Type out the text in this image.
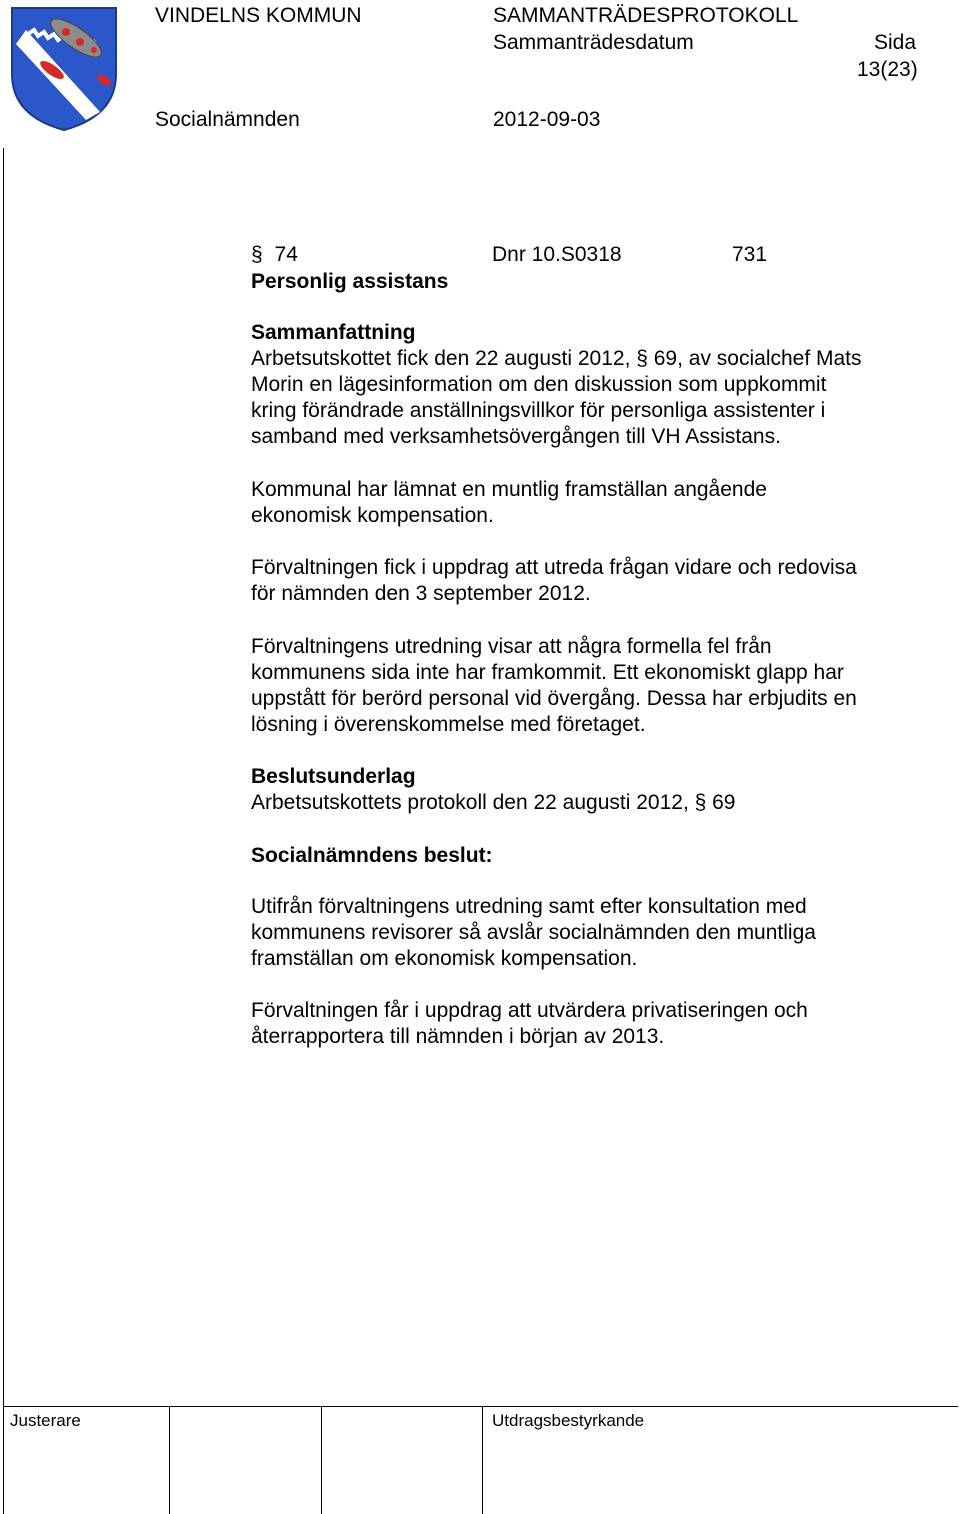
VINDELNS KOMMUN	SAMMANTRÄDESPROTOKOLL
Sammanträdesdatum	Sida
13(23)
Socialnämnden	2012-09-03
§ 74	Dnr 10.S0318	731
Personlig assistans
Sammanfattning
Arbetsutskottet fick den 22 augusti 2012, § 69, av socialchef Mats
Morin en lägesinformation om den diskussion som uppkommit
kring förändrade anställningsvillkor för personliga assistenter i
samband med verksamhetsövergången till VH Assistans.
Kommunal har lämnat en muntlig framställan angående
ekonomisk kompensation.
Förvaltningen fick i uppdrag att utreda frågan vidare och redovisa
för nämnden den 3 september 2012.
Förvaltningens utredning visar att några formella fel från
kommunens sida inte har framkommit. Ett ekonomiskt glapp har
uppstått för berörd personal vid övergång. Dessa har erbjudits en
lösning i överenskommelse med företaget.
Beslutsunderlag
Arbetsutskottets protokoll den 22 augusti 2012, § 69
Socialnämndens beslut:
Utifrån förvaltningens utredning samt efter konsultation med
kommunens revisorer så avslår socialnämnden den muntliga
framställan om ekonomisk kompensation.
Förvaltningen får i uppdrag att utvärdera privatiseringen och
återrapportera till nämnden i början av 2013.
Justerare	Utdragsbestyrkande
